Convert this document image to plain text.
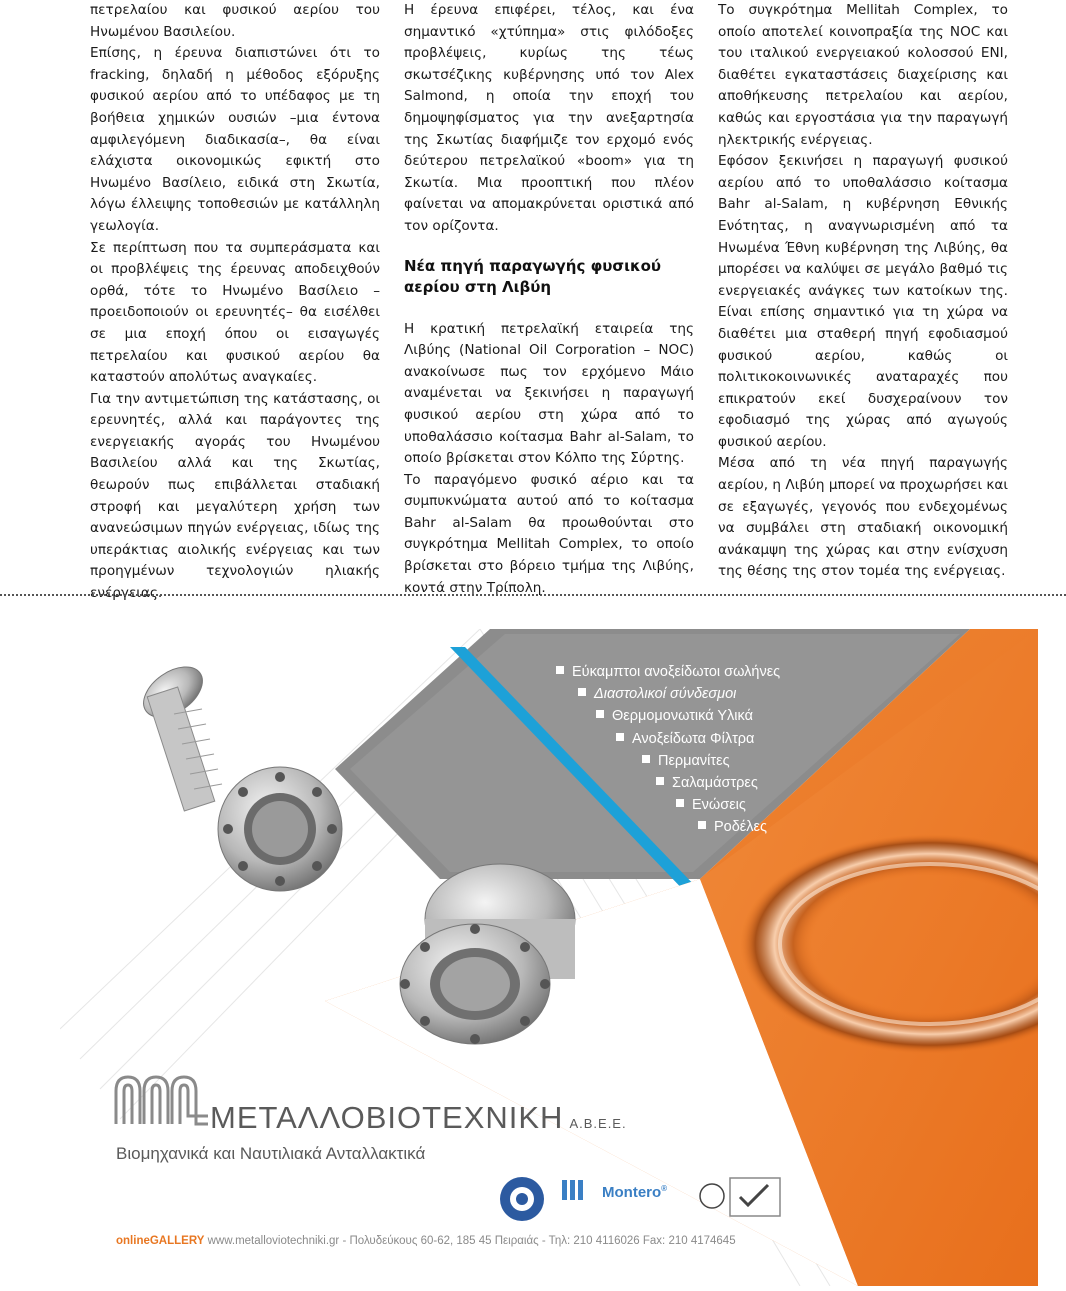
πετρελαίου και φυσικού αερίου του Ηνωμένου Βασιλείου.

Επίσης, η έρευνα διαπιστώνει ότι το fracking, δηλαδή η μέθοδος εξόρυξης φυσικού αερίου από το υπέδαφος με τη βοήθεια χημικών ουσιών –μια έντονα αμφιλεγόμενη διαδικασία–, θα είναι ελάχιστα οικονομικώς εφικτή στο Ηνωμένο Βασίλειο, ειδικά στη Σκωτία, λόγω έλλειψης τοποθεσιών με κατάλληλη γεωλογία.

Σε περίπτωση που τα συμπεράσματα και οι προβλέψεις της έρευνας αποδειχθούν ορθά, τότε το Ηνωμένο Βασίλειο –προειδοποιούν οι ερευνητές– θα εισέλθει σε μια εποχή όπου οι εισαγωγές πετρελαίου και φυσικού αερίου θα καταστούν απολύτως αναγκαίες.

Για την αντιμετώπιση της κατάστασης, οι ερευνητές, αλλά και παράγοντες της ενεργειακής αγοράς του Ηνωμένου Βασιλείου αλλά και της Σκωτίας, θεωρούν πως επιβάλλεται σταδιακή στροφή και μεγαλύτερη χρήση των ανανεώσιμων πηγών ενέργειας, ιδίως της υπεράκτιας αιολικής ενέργειας και των προηγμένων τεχνολογιών ηλιακής ενέργειας.

Η έρευνα επιφέρει, τέλος, και ένα σημαντικό «χτύπημα» στις φιλόδοξες προβλέψεις, κυρίως της τέως σκωτσέζικης κυβέρνησης υπό τον Alex Salmond, η οποία την εποχή του δημοψηφίσματος για την ανεξαρτησία της Σκωτίας διαφήμιζε τον ερχομό ενός δεύτερου πετρελαϊκού «boom» για τη Σκωτία. Μια προοπτική που πλέον φαίνεται να απομακρύνεται οριστικά από τον ορίζοντα.

Νέα πηγή παραγωγής φυσικού αερίου στη Λιβύη

Η κρατική πετρελαϊκή εταιρεία της Λιβύης (National Oil Corporation – NOC) ανακοίνωσε πως τον ερχόμενο Μάιο αναμένεται να ξεκινήσει η παραγωγή φυσικού αερίου στη χώρα από το υποθαλάσσιο κοίτασμα Bahr al-Salam, το οποίο βρίσκεται στον Κόλπο της Σύρτης.

Το παραγόμενο φυσικό αέριο και τα συμπυκνώματα αυτού από το κοίτασμα Bahr al-Salam θα προωθούνται στο συγκρότημα Mellitah Complex, το οποίο βρίσκεται στο βόρειο τμήμα της Λιβύης, κοντά στην Τρίπολη.

Το συγκρότημα Mellitah Complex, το οποίο αποτελεί κοινοπραξία της NOC και του ιταλικού ενεργειακού κολοσσού ENI, διαθέτει εγκαταστάσεις διαχείρισης και αποθήκευσης πετρελαίου και αερίου, καθώς και εργοστάσια για την παραγωγή ηλεκτρικής ενέργειας.

Εφόσον ξεκινήσει η παραγωγή φυσικού αερίου από το υποθαλάσσιο κοίτασμα Bahr al-Salam, η κυβέρνηση Εθνικής Ενότητας, η αναγνωρισμένη από τα Ηνωμένα Έθνη κυβέρνηση της Λιβύης, θα μπορέσει να καλύψει σε μεγάλο βαθμό τις ενεργειακές ανάγκες των κατοίκων της. Είναι επίσης σημαντικό για τη χώρα να διαθέτει μια σταθερή πηγή εφοδιασμού φυσικού αερίου, καθώς οι πολιτικοκοινωνικές αναταραχές που επικρατούν εκεί δυσχεραίνουν τον εφοδιασμό της χώρας από αγωγούς φυσικού αερίου.

Μέσα από τη νέα πηγή παραγωγής αερίου, η Λιβύη μπορεί να προχωρήσει και σε εξαγωγές, γεγονός που ενδεχομένως να συμβάλει στη σταδιακή οικονομική ανάκαμψη της χώρας και στην ενίσχυση της θέσης της στον τομέα της ενέργειας.

Εύκαμπτοι ανοξείδωτοι σωλήνες
Διαστολικοί σύνδεσμοι
Θερμομονωτικά Υλικά
Ανοξείδωτα Φίλτρα
Περμανίτες
Σαλαμάστρες
Ενώσεις
Ροδέλες
ΜΕΤΑΛΛΟΒΙΟΤΕΧΝΙΚΗ Α.Β.Ε.Ε.
Βιομηχανικά και Ναυτιλιακά Ανταλλακτικά
Montero®
onlineGALLERY www.metalloviotechniki.gr - Πολυδεύκους 60-62, 185 45 Πειραιάς - Τηλ: 210 4116026 Fax: 210 4174645
